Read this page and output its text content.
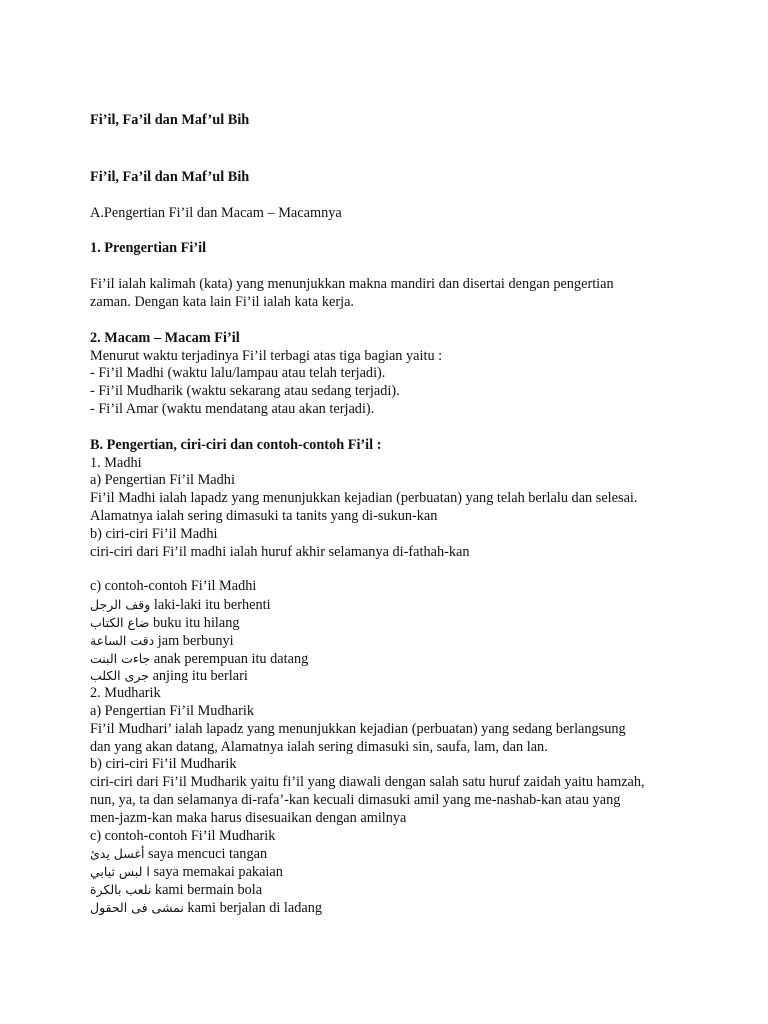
Fi’il, Fa’il dan Maf’ul Bih
Fi’il, Fa’il dan Maf’ul Bih
A.Pengertian Fi’il dan Macam – Macamnya
1. Prengertian Fi’il
Fi’il ialah kalimah (kata) yang menunjukkan makna mandiri dan disertai dengan pengertian
zaman. Dengan kata lain Fi’il ialah kata kerja.
2. Macam – Macam Fi’il
Menurut waktu terjadinya Fi’il terbagi atas tiga bagian yaitu :
- Fi’il Madhi (waktu lalu/lampau atau telah terjadi).
- Fi’il Mudharik (waktu sekarang atau sedang terjadi).
- Fi’il Amar (waktu mendatang atau akan terjadi).
B. Pengertian, ciri-ciri dan contoh-contoh Fi’il :
1. Madhi
a) Pengertian Fi’il Madhi
Fi’il Madhi ialah lapadz yang menunjukkan kejadian (perbuatan) yang telah berlalu dan selesai.
Alamatnya ialah sering dimasuki ta tanits yang di-sukun-kan
b) ciri-ciri Fi’il Madhi
ciri-ciri dari Fi’il madhi ialah huruf akhir selamanya di-fathah-kan
c) contoh-contoh Fi’il Madhi
وقف الرجل laki-laki itu berhenti
ضاع الكتاب buku itu hilang
دقت الساعة jam berbunyi
جاءت البنت anak perempuan itu datang
جرى الكلب anjing itu berlari
2. Mudharik
a) Pengertian Fi’il Mudharik
Fi’il Mudhari’ ialah lapadz yang menunjukkan kejadian (perbuatan) yang sedang berlangsung
dan yang akan datang, Alamatnya ialah sering dimasuki sin, saufa, lam, dan lan.
b) ciri-ciri Fi’il Mudharik
ciri-ciri dari Fi’il Mudharik yaitu fi’il yang diawali dengan salah satu huruf zaidah yaitu hamzah,
nun, ya, ta dan selamanya di-rafa’-kan kecuali dimasuki amil yang me-nashab-kan atau yang
men-jazm-kan maka harus disesuaikan dengan amilnya
c) contoh-contoh Fi’il Mudharik
أغسل يدئ saya mencuci tangan
ا لبس ثيابي saya memakai pakaian
نلعب بالكرة kami bermain bola
نمشى فى الحقول kami berjalan di ladang
